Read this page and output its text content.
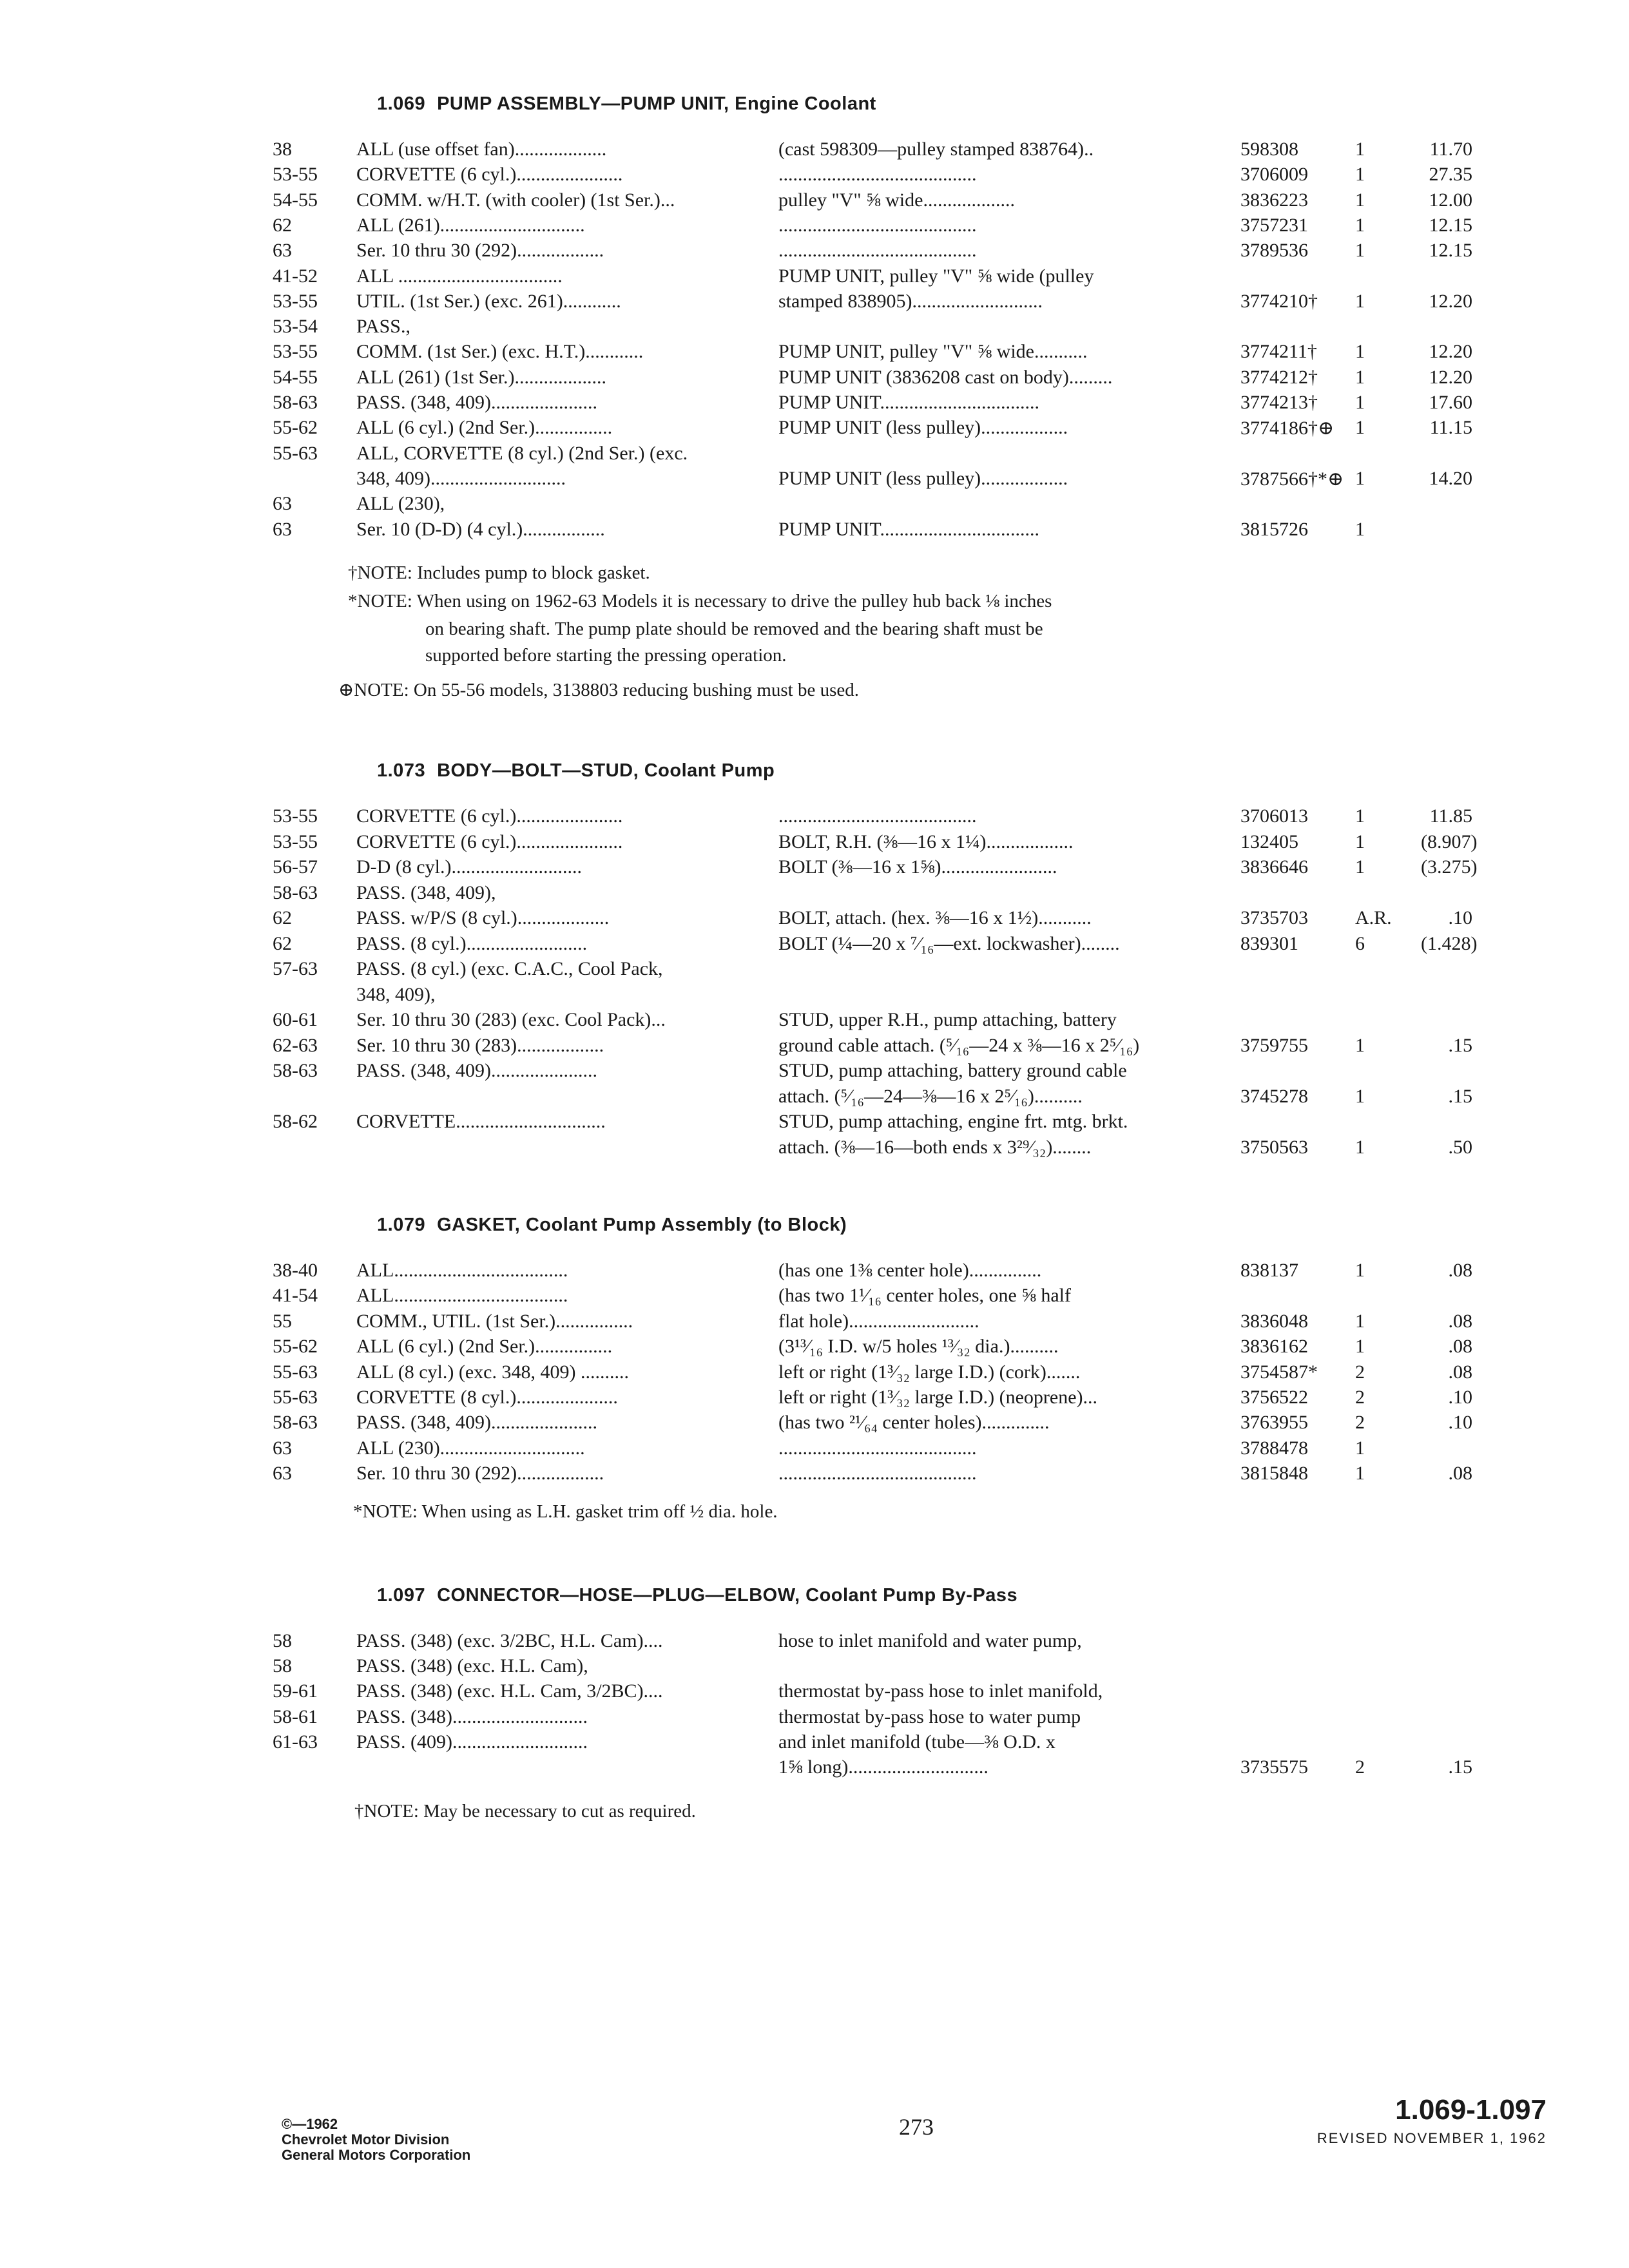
1.069 PUMP ASSEMBLY—PUMP UNIT, Engine Coolant
38	ALL (use offset fan)...................	(cast 598309—pulley stamped 838764)..	598308	1	11.70
53-55 CORVETTE (6 cyl.)......................	.........................................	3706009 1	27.35
54-55 COMM. w/H.T. (with cooler) (1st Ser.)...	pulley "V" ⅝ wide...................	3836223 1	12.00
62	ALL (261)..............................	.........................................	3757231 1	12.15
63	Ser. 10 thru 30 (292)..................	.........................................	3789536 1	12.15
41-52 ALL ..................................	PUMP UNIT, pulley "V" ⅝ wide (pulley
53-55 UTIL. (1st Ser.) (exc. 261)............	stamped 838905)...........................	3774210† 1	12.20
53-54 PASS.,
53-55 COMM. (1st Ser.) (exc. H.T.)............	PUMP UNIT, pulley "V" ⅝ wide...........	3774211† 1	12.20
54-55 ALL (261) (1st Ser.)...................	PUMP UNIT (3836208 cast on body).........	3774212† 1	12.20
58-63 PASS. (348, 409)......................	PUMP UNIT.................................	3774213† 1	17.60
55-62 ALL (6 cyl.) (2nd Ser.)................	PUMP UNIT (less pulley)..................	3774186†⊕ 1	11.15
55-63 ALL, CORVETTE (8 cyl.) (2nd Ser.) (exc.
348, 409)............................	PUMP UNIT (less pulley)..................	3787566†*⊕ 1	14.20
63	ALL (230),
63	Ser. 10 (D-D) (4 cyl.).................	PUMP UNIT.................................	3815726 1
†NOTE: Includes pump to block gasket.
*NOTE: When using on 1962-63 Models it is necessary to drive the pulley hub back ⅛ inches
on bearing shaft. The pump plate should be removed and the bearing shaft must be
supported before starting the pressing operation.
⊕NOTE: On 55-56 models, 3138803 reducing bushing must be used.
1.073 BODY—BOLT—STUD, Coolant Pump
53-55 CORVETTE (6 cyl.)......................	.........................................	3706013 1	11.85
53-55 CORVETTE (6 cyl.)......................	BOLT, R.H. (⅜—16 x 1¼)..................	132405	1	(8.907)
56-57 D-D (8 cyl.)...........................	BOLT (⅜—16 x 1⅝)........................	3836646 1	(3.275)
58-63 PASS. (348, 409),
62	PASS. w/P/S (8 cyl.)...................	BOLT, attach. (hex. ⅜—16 x 1½)...........	3735703 A.R.	.10
62	PASS. (8 cyl.).........................	BOLT (¼—20 x ⁷⁄₁₆—ext. lockwasher)........	839301	6	(1.428)
57-63 PASS. (8 cyl.) (exc. C.A.C., Cool Pack,
348, 409),
60-61 Ser. 10 thru 30 (283) (exc. Cool Pack)...	STUD, upper R.H., pump attaching, battery
62-63 Ser. 10 thru 30 (283)..................	ground cable attach. (⁵⁄₁₆—24 x ⅜—16 x 2⁵⁄₁₆)	3759755 1	.15
58-63 PASS. (348, 409)......................	STUD, pump attaching, battery ground cable
attach. (⁵⁄₁₆—24—⅜—16 x 2⁵⁄₁₆)..........	3745278 1	.15
58-62 CORVETTE...............................	STUD, pump attaching, engine frt. mtg. brkt.
attach. (⅜—16—both ends x 3²⁹⁄₃₂)........	3750563 1	.50
1.079 GASKET, Coolant Pump Assembly (to Block)
38-40 ALL....................................	(has one 1⅜ center hole)...............	838137	1	.08
41-54 ALL....................................	(has two 1¹⁄₁₆ center holes, one ⅝ half
55	COMM., UTIL. (1st Ser.)................	flat hole)...........................	3836048 1	.08
55-62 ALL (6 cyl.) (2nd Ser.)................	(3¹³⁄₁₆ I.D. w/5 holes ¹³⁄₃₂ dia.)..........	3836162 1	.08
55-63 ALL (8 cyl.) (exc. 348, 409) ..........	left or right (1³⁄₃₂ large I.D.) (cork).......	3754587* 2	.08
55-63 CORVETTE (8 cyl.).....................	left or right (1³⁄₃₂ large I.D.) (neoprene)...	3756522 2	.10
58-63 PASS. (348, 409)......................	(has two ²¹⁄₆₄ center holes)..............	3763955 2	.10
63	ALL (230)..............................	.........................................	3788478 1
63	Ser. 10 thru 30 (292)..................	.........................................	3815848 1	.08
*NOTE: When using as L.H. gasket trim off ½ dia. hole.
1.097 CONNECTOR—HOSE—PLUG—ELBOW, Coolant Pump By-Pass
58	PASS. (348) (exc. 3/2BC, H.L. Cam)....	hose to inlet manifold and water pump,
58	PASS. (348) (exc. H.L. Cam),
59-61 PASS. (348) (exc. H.L. Cam, 3/2BC)....	thermostat by-pass hose to inlet manifold,
58-61 PASS. (348)............................	thermostat by-pass hose to water pump
61-63 PASS. (409)............................	and inlet manifold (tube—⅜ O.D. x
1⅝ long).............................	3735575 2	.15
†NOTE: May be necessary to cut as required.
©—1962
Chevrolet Motor Division
General Motors Corporation
273
1.069-1.097
REVISED NOVEMBER 1, 1962
